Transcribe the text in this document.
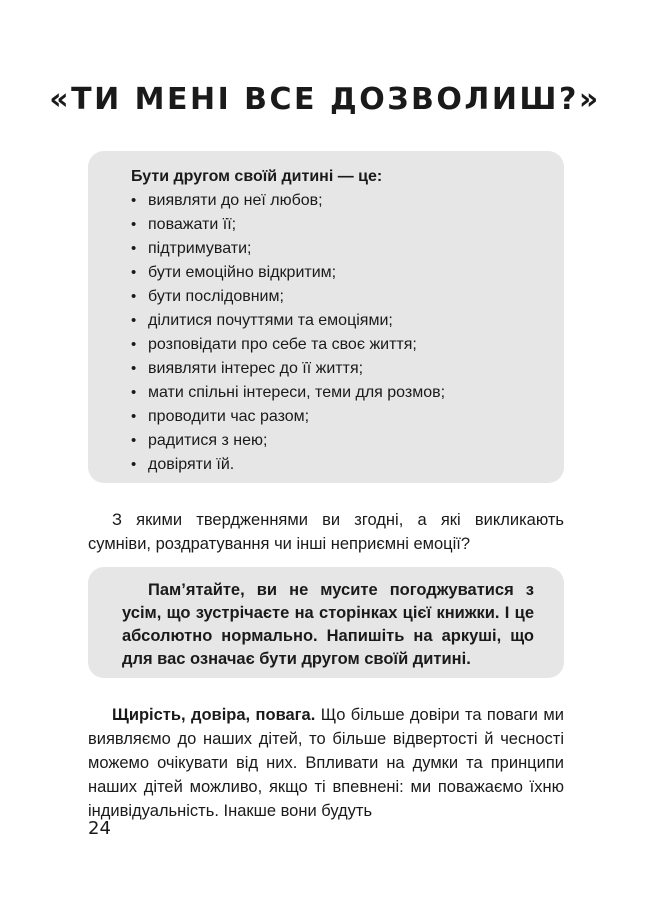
«ТИ МЕНІ ВСЕ ДОЗВОЛИШ?»
Бути другом своїй дитині — це:
• виявляти до неї любов;
• поважати її;
• підтримувати;
• бути емоційно відкритим;
• бути послідовним;
• ділитися почуттями та емоціями;
• розповідати про себе та своє життя;
• виявляти інтерес до її життя;
• мати спільні інтереси, теми для розмов;
• проводити час разом;
• радитися з нею;
• довіряти їй.
З якими твердженнями ви згодні, а які викликають сумніви, роздратування чи інші неприємні емоції?

Пам’ятайте, ви не мусите погоджуватися з усім, що зустрічаєте на сторінках цієї книжки. І це абсолютно нормально. Напишіть на аркуші, що для вас означає бути другом своїй дитині.

Щирість, довіра, повага. Що більше довіри та поваги ми виявляємо до наших дітей, то більше відвертості й чесності можемо очікувати від них. Впливати на думки та принципи наших дітей можливо, якщо ті впевнені: ми поважаємо їхню індивідуальність. Інакше вони будуть
24
